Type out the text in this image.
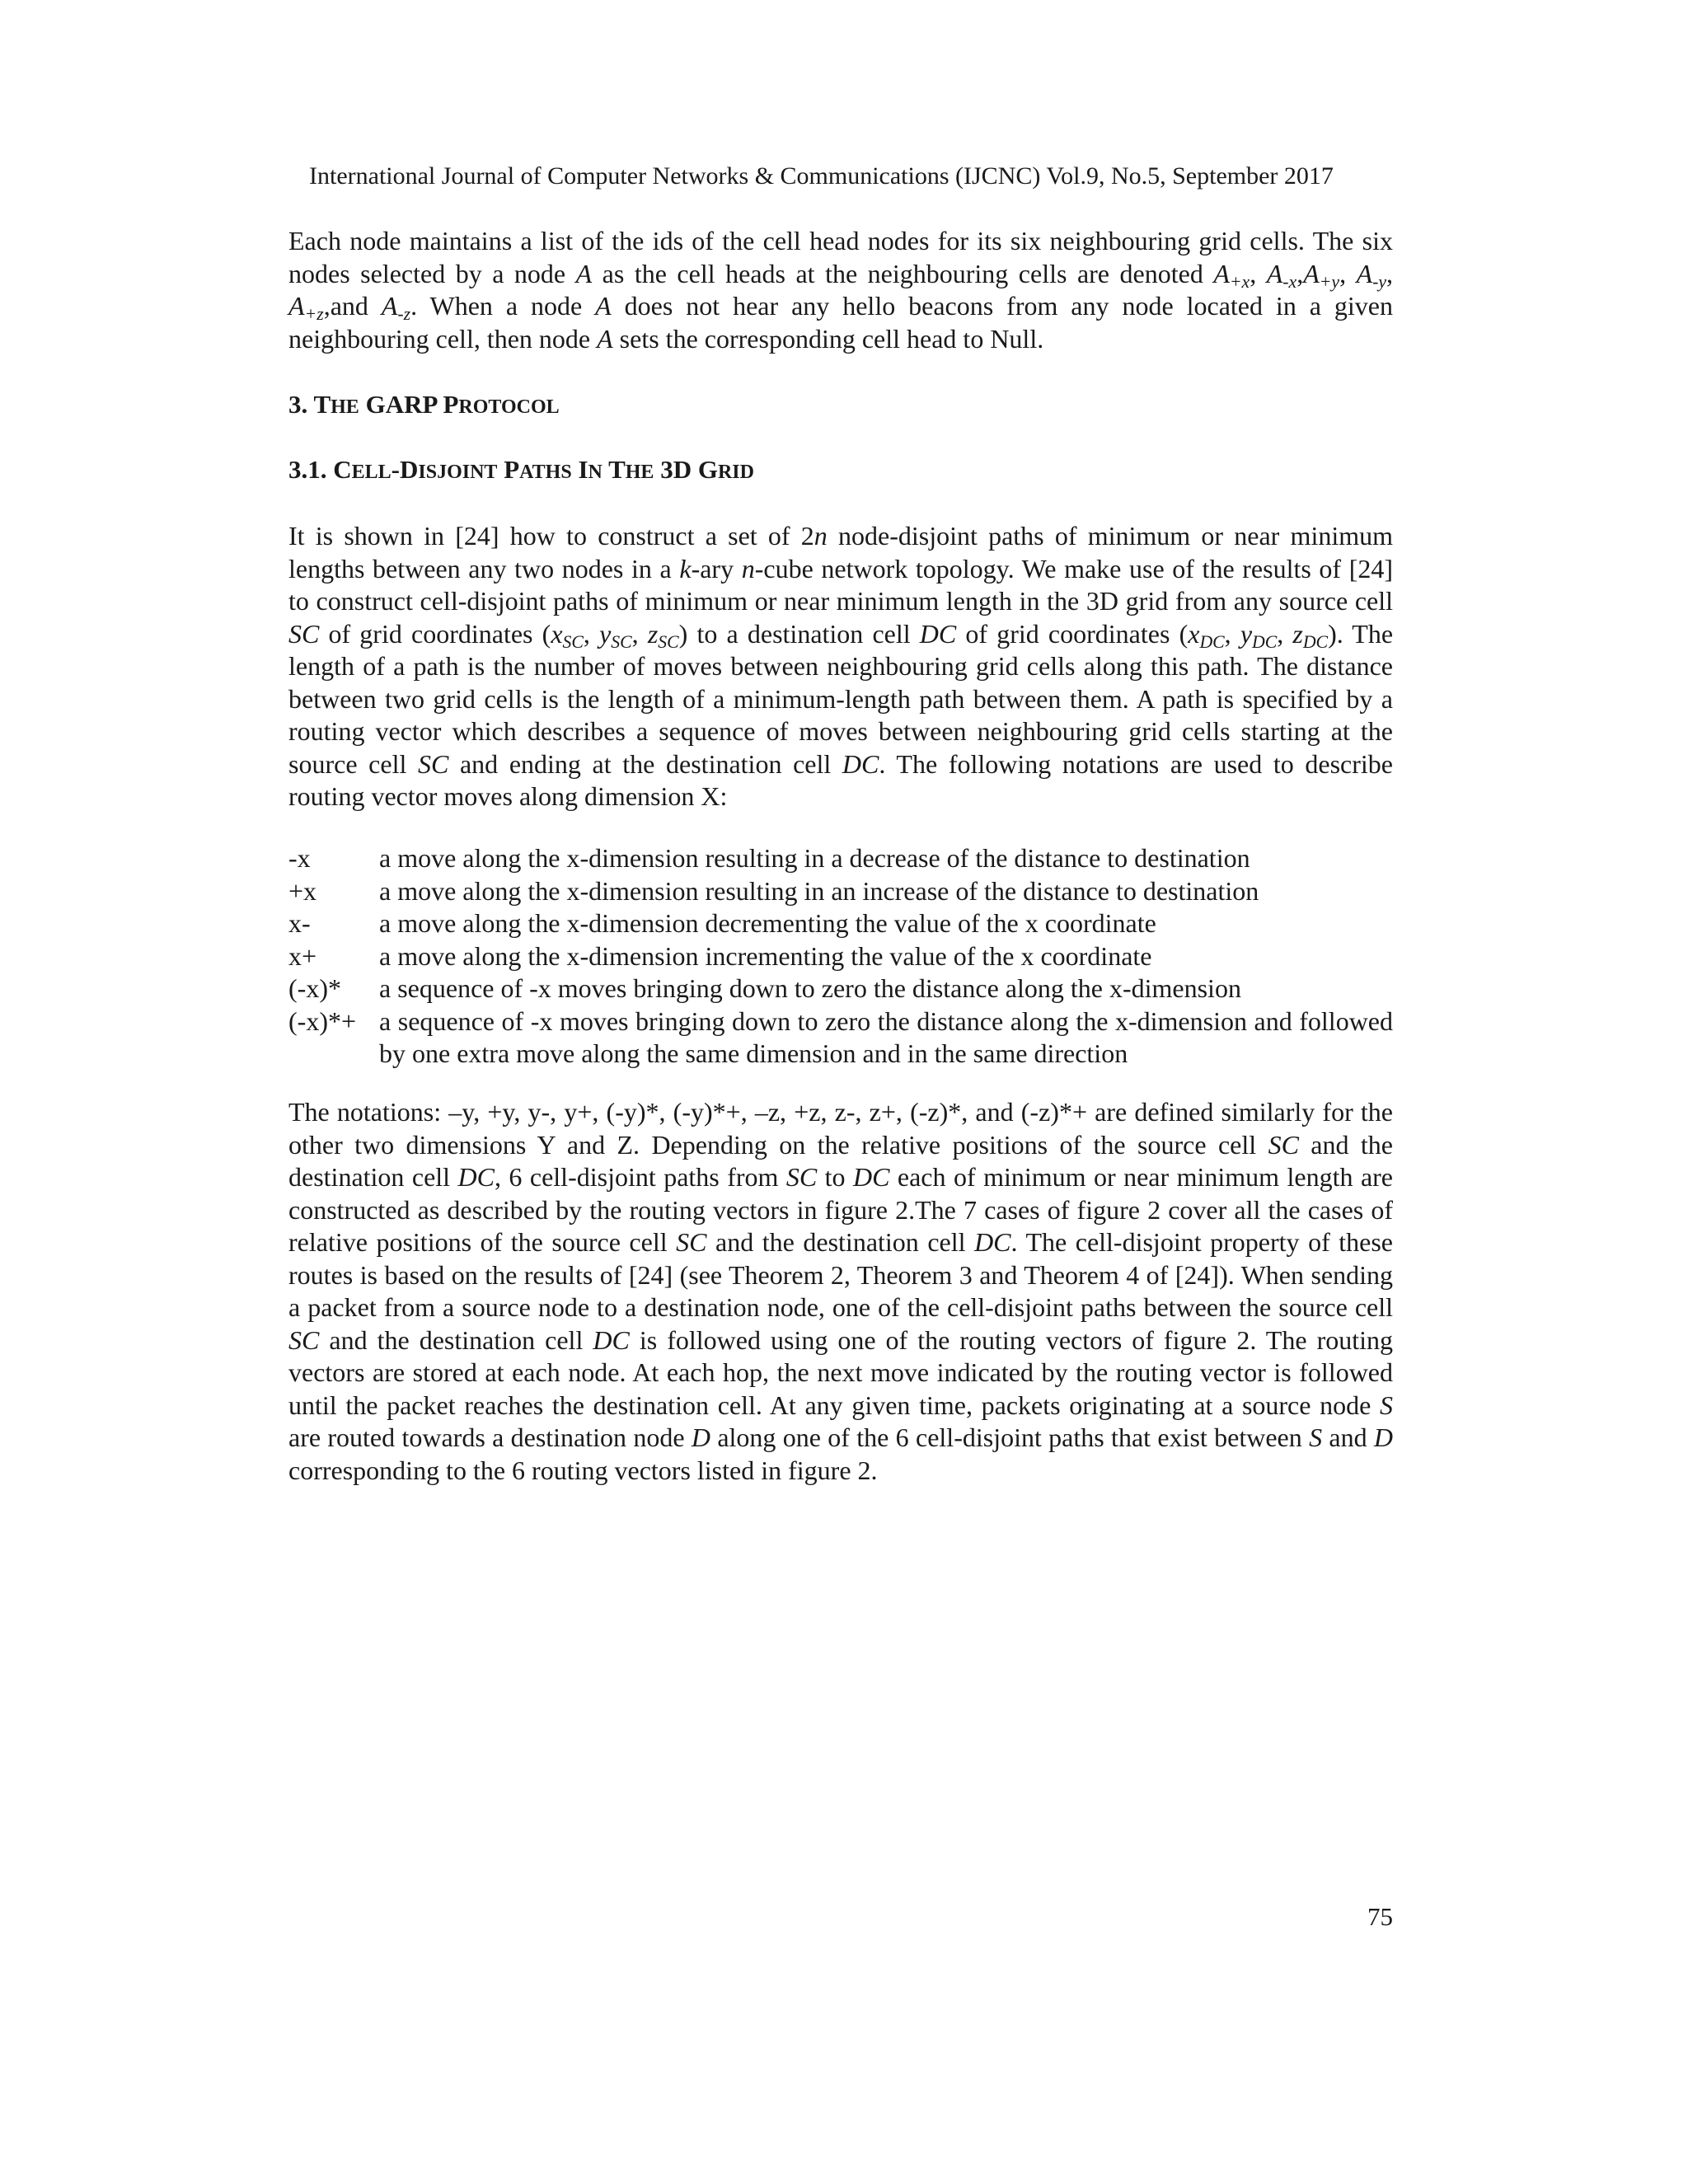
International Journal of Computer Networks & Communications (IJCNC) Vol.9, No.5, September 2017

Each node maintains a list of the ids of the cell head nodes for its six neighbouring grid cells. The six nodes selected by a node A as the cell heads at the neighbouring cells are denoted $A_{+x}$, $A_{-x},A_{+y}$, $A_{-y}$, $A_{+z},and$ $A_{-z}$. When a node A does not hear any hello beacons from any node located in a given neighbouring cell, then node A sets the corresponding cell head to Null.

3. THE GARP PROTOCOL
3.1. CELL-DISJOINT PATHS IN THE 3D GRID

It is shown in [24] how to construct a set of 2n node-disjoint paths of minimum or near minimum lengths between any two nodes in a k-ary n-cube network topology. We make use of the results of [24] to construct cell-disjoint paths of minimum or near minimum length in the 3D grid from any source cell SC of grid coordinates ($x_{SC}$, $y_{SC}$, $z_{SC}$) to a destination cell DC of grid coordinates ($x_{DC}$, $y_{DC}$, $z_{DC}$). The length of a path is the number of moves between neighbouring grid cells along this path. The distance between two grid cells is the length of a minimum-length path between them. A path is specified by a routing vector which describes a sequence of moves between neighbouring grid cells starting at the source cell SC and ending at the destination cell DC. The following notations are used to describe routing vector moves along dimension X:

-x	a move along the x-dimension resulting in a decrease of the distance to destination
+x	a move along the x-dimension resulting in an increase of the distance to destination
x-	a move along the x-dimension decrementing the value of the x coordinate
x+	a move along the x-dimension incrementing the value of the x coordinate
(-x)*	a sequence of -x moves bringing down to zero the distance along the x-dimension
(-x)*+ a sequence of -x moves bringing down to zero the distance along the x-dimension and followed by one extra move along the same dimension and in the same direction

The notations: –y, +y, y-, y+, (-y)*, (-y)*+, –z, +z, z-, z+, (-z)*, and (-z)*+ are defined similarly for the other two dimensions Y and Z. Depending on the relative positions of the source cell SC and the destination cell DC, 6 cell-disjoint paths from SC to DC each of minimum or near minimum length are constructed as described by the routing vectors in figure 2.The 7 cases of figure 2 cover all the cases of relative positions of the source cell SC and the destination cell DC. The cell-disjoint property of these routes is based on the results of [24] (see Theorem 2, Theorem 3 and Theorem 4 of [24]). When sending a packet from a source node to a destination node, one of the cell-disjoint paths between the source cell SC and the destination cell DC is followed using one of the routing vectors of figure 2. The routing vectors are stored at each node. At each hop, the next move indicated by the routing vector is followed until the packet reaches the destination cell. At any given time, packets originating at a source node S are routed towards a destination node D along one of the 6 cell-disjoint paths that exist between S and D corresponding to the 6 routing vectors listed in figure 2.

75
